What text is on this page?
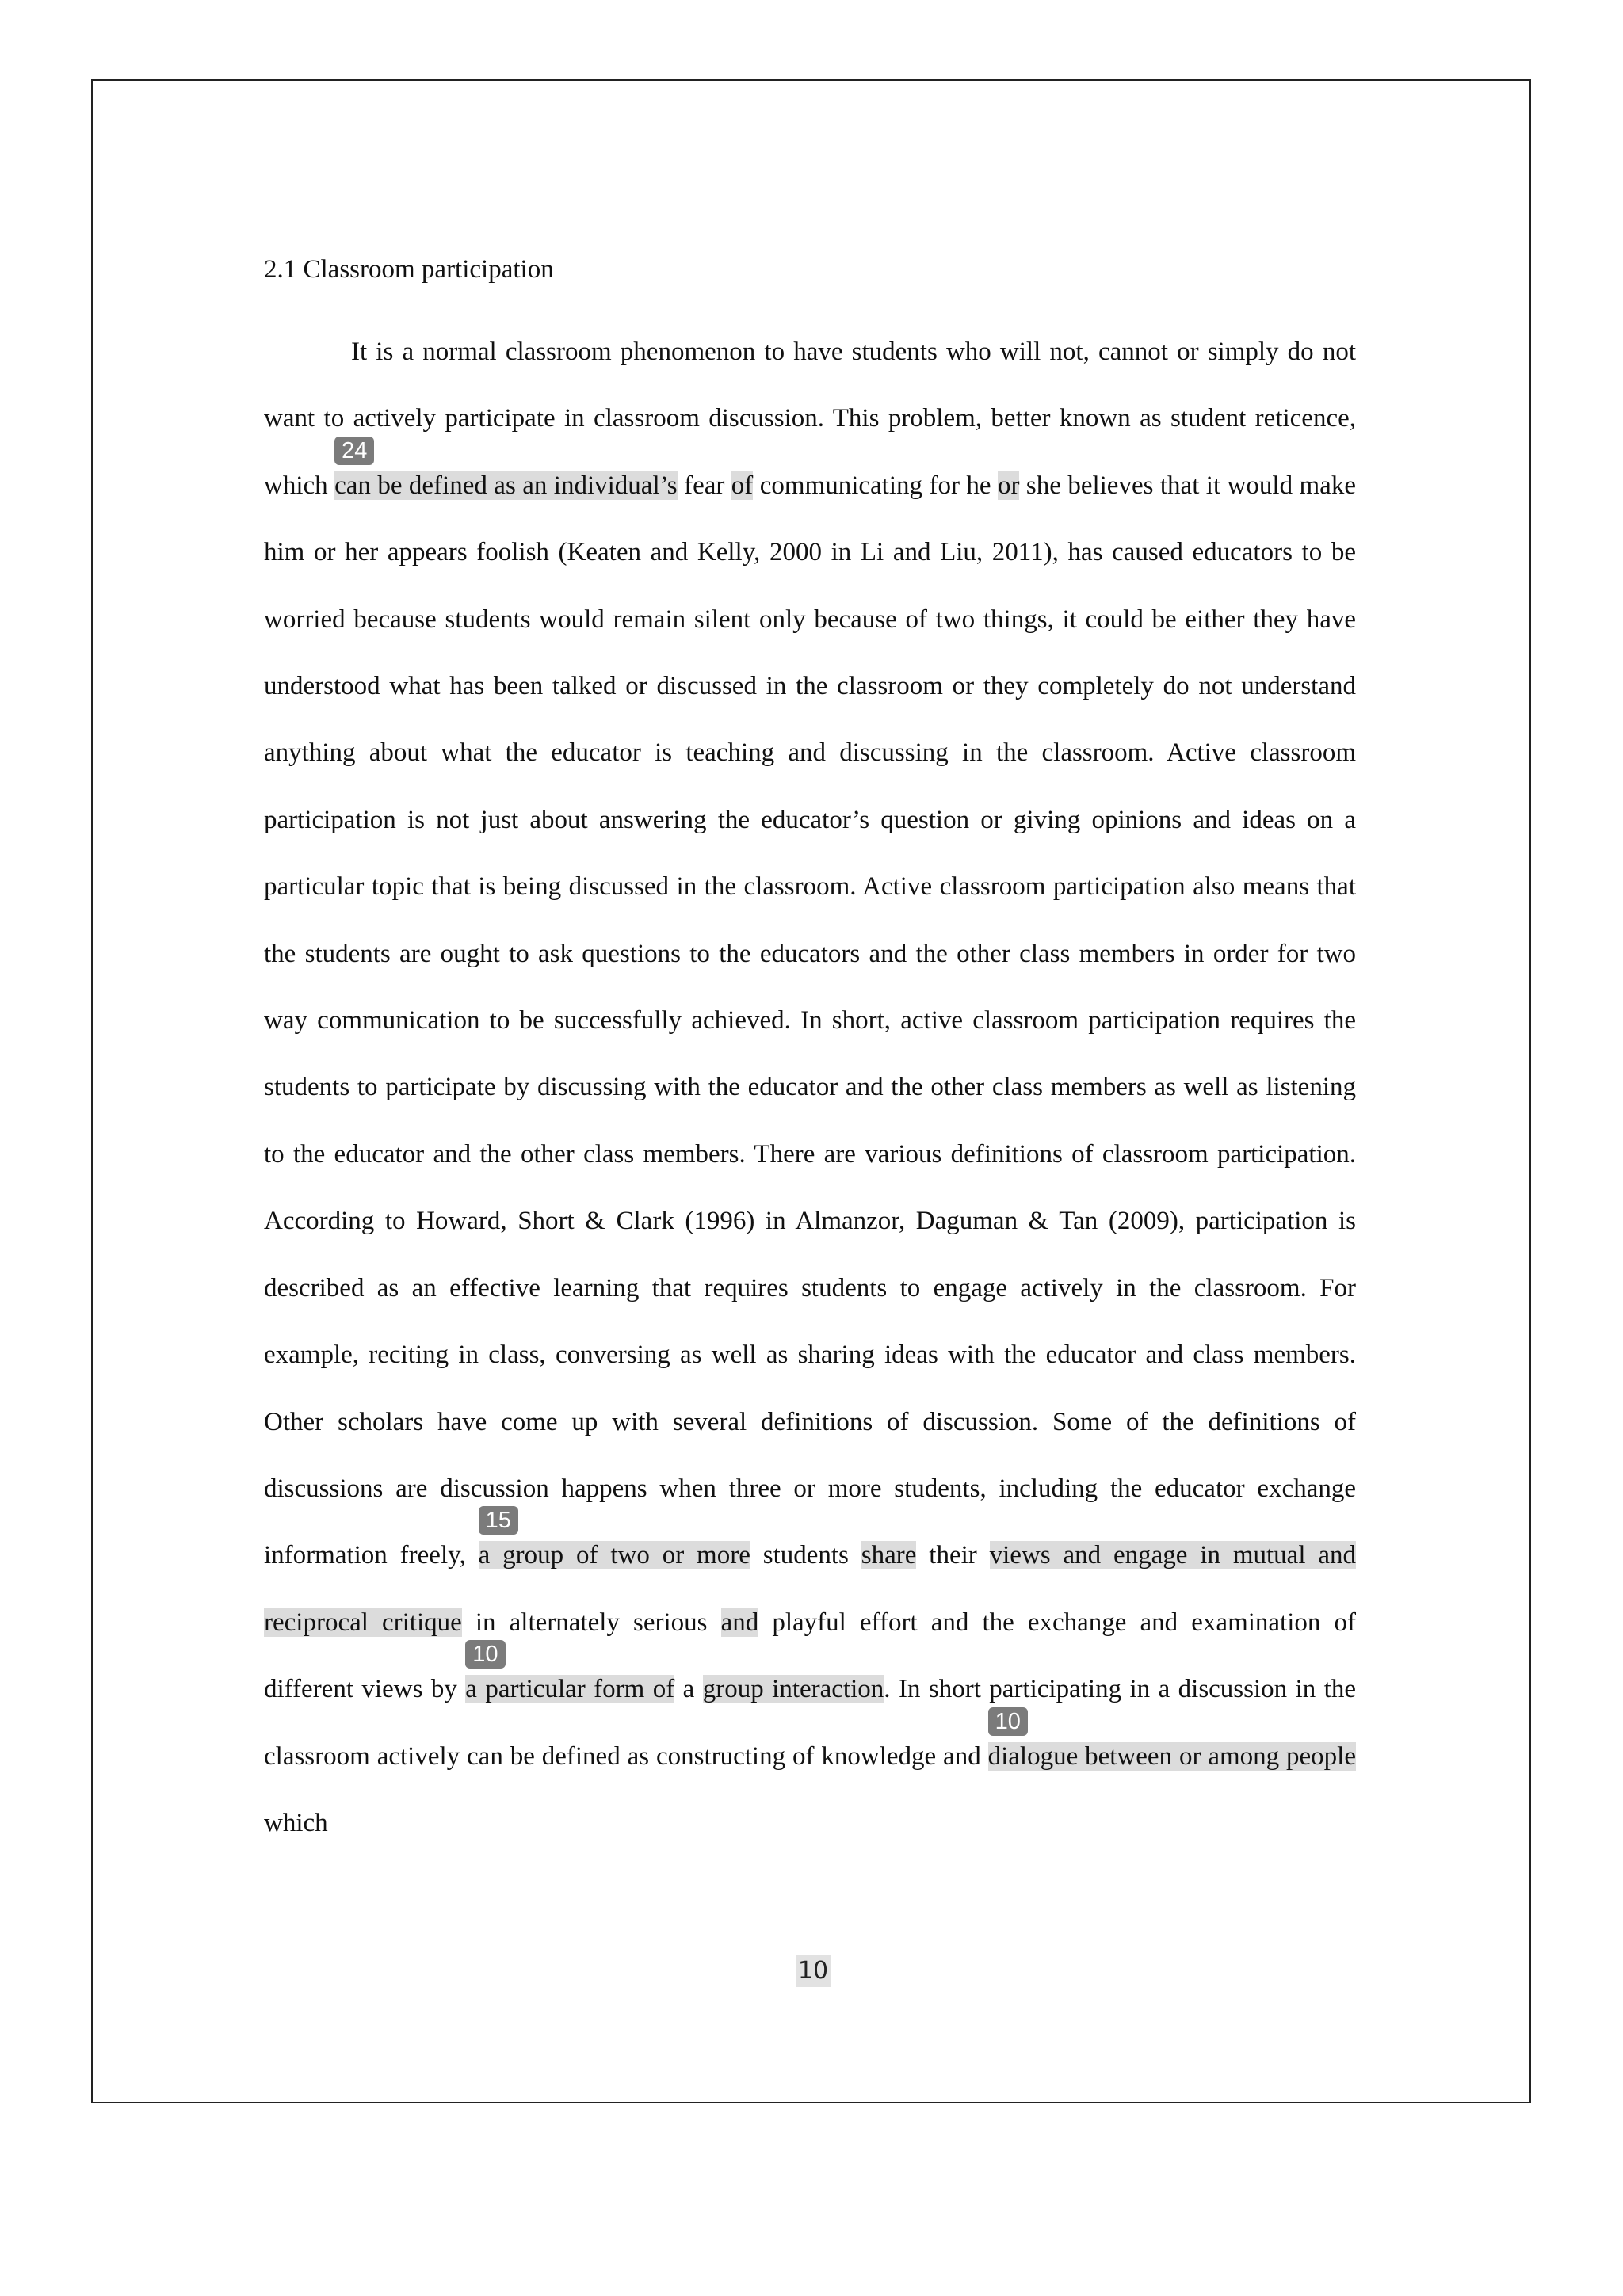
2.1 Classroom participation

It is a normal classroom phenomenon to have students who will not, cannot or simply do not want to actively participate in classroom discussion. This problem, better known as student reticence, which can be defined as an individual’s
24
fear of communicating for he or she believes that it would make him or her appears foolish (Keaten and Kelly, 2000 in Li and Liu, 2011), has caused educators to be worried because students would remain silent only because of two things, it could be either they have understood what has been talked or discussed in the classroom or they completely do not understand anything about what the educator is teaching and discussing in the classroom. Active classroom participation is not just about answering the educator’s question or giving opinions and ideas on a particular topic that is being discussed in the classroom. Active classroom participation also means that the students are ought to ask questions to the educators and the other class members in order for two way communication to be successfully achieved. In short, active classroom participation requires the students to participate by discussing with the educator and the other class members as well as listening to the educator and the other class members. There are various definitions of classroom participation. According to Howard, Short & Clark (1996) in Almanzor, Daguman & Tan (2009), participation is described as an effective learning that requires students to engage actively in the classroom. For example, reciting in class, conversing as well as sharing ideas with the educator and class members. Other scholars have come up with several definitions of discussion. Some of the definitions of discussions are discussion happens when three or more students, including the educator exchange information freely, a group of two or more
15
students share their views and engage in mutual and reciprocal critique in alternately serious and playful effort and the exchange and examination of different views by a particular form of
10
a group interaction. In short participating in a discussion in the classroom actively can be defined as constructing of knowledge and dialogue between or among people
10
which

10
